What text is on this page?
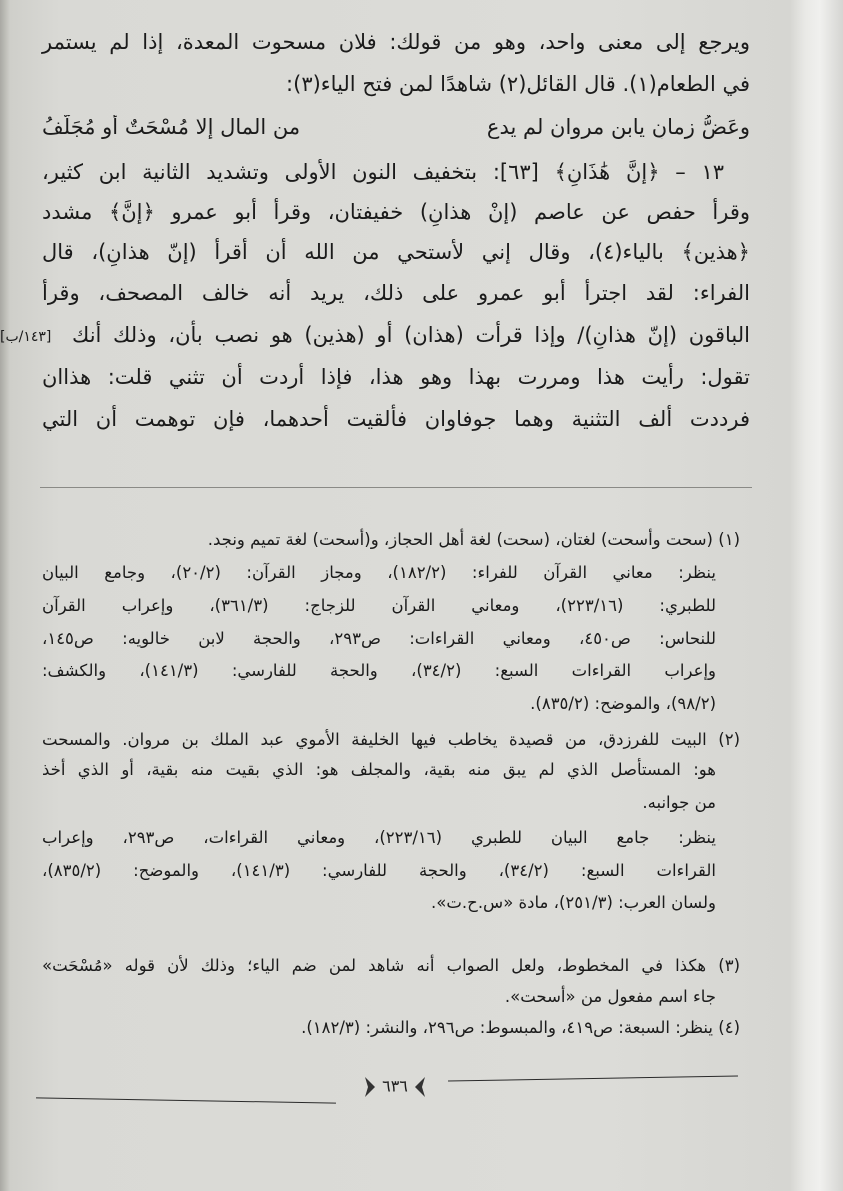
ويرجع إلى معنى واحد، وهو من قولك: فلان مسحوت المعدة، إذا لم يستمر
في الطعام(١). قال القائل(٢) شاهدًا لمن فتح الياء(٣):
وعَضُّ زمانٍ يابن مروان لم يدع
من المال إلا مُسْحَتٌ أو مُجَلَّفُ
١٣ – ﴿إنَّ هَٰذَانِ﴾ [٦٣]: بتخفيف النون الأولى وتشديد الثانية ابن كثير،
وقرأ حفص عن عاصم (إنْ هذانِ) خفيفتان، وقرأ أبو عمرو ﴿إنَّ﴾ مشدد
﴿هذين﴾ بالياء(٤)، وقال إني لأستحي من الله أن أقرأ (إنّ هذانِ)، قال
الفراء: لقد اجترأ أبو عمرو على ذلك، يريد أنه خالف المصحف، وقرأ
[١٤٣/ب] الباقون (إنّ هذانِ)/ وإذا قرأت (هذان) أو (هذين) هو نصب بأن، وذلك أنك
تقول: رأيت هذا ومررت بهذا وهو هذا، فإذا أردت أن تثني قلت: هذاان
فرددت ألف التثنية وهما جوفاوان فألقيت أحدهما، فإن توهمت أن التي
(١) (سحت وأسحت) لغتان، (سحت) لغة أهل الحجاز، و(أسحت) لغة تميم ونجد.
ينظر: معاني القرآن للفراء: (١٨٢/٢)، ومجاز القرآن: (٢٠/٢)، وجامع البيان
للطبري: (٢٢٣/١٦)، ومعاني القرآن للزجاج: (٣٦١/٣)، وإعراب القرآن
للنحاس: ص٤٥٠، ومعاني القراءات: ص٢٩٣، والحجة لابن خالويه: ص١٤٥،
وإعراب القراءات السبع: (٣٤/٢)، والحجة للفارسي: (١٤١/٣)، والكشف:
(٩٨/٢)، والموضح: (٨٣٥/٢).
(٢) البيت للفرزدق، من قصيدة يخاطب فيها الخليفة الأموي عبد الملك بن مروان. والمسحت
هو: المستأصل الذي لم يبق منه بقية، والمجلف هو: الذي بقيت منه بقية، أو الذي أخذ
من جوانبه.
ينظر: جامع البيان للطبري (٢٢٣/١٦)، ومعاني القراءات، ص٢٩٣، وإعراب
القراءات السبع: (٣٤/٢)، والحجة للفارسي: (١٤١/٣)، والموضح: (٨٣٥/٢)،
ولسان العرب: (٢٥١/٣)، مادة «س.ح.ت».
(٣) هكذا في المخطوط، ولعل الصواب أنه شاهد لمن ضم الياء؛ وذلك لأن قوله «مُسْحَت»
جاء اسم مفعول من «أسحت».
(٤) ينظر: السبعة: ص٤١٩، والمبسوط: ص٢٩٦، والنشر: (١٨٢/٣).
٦٣٦
